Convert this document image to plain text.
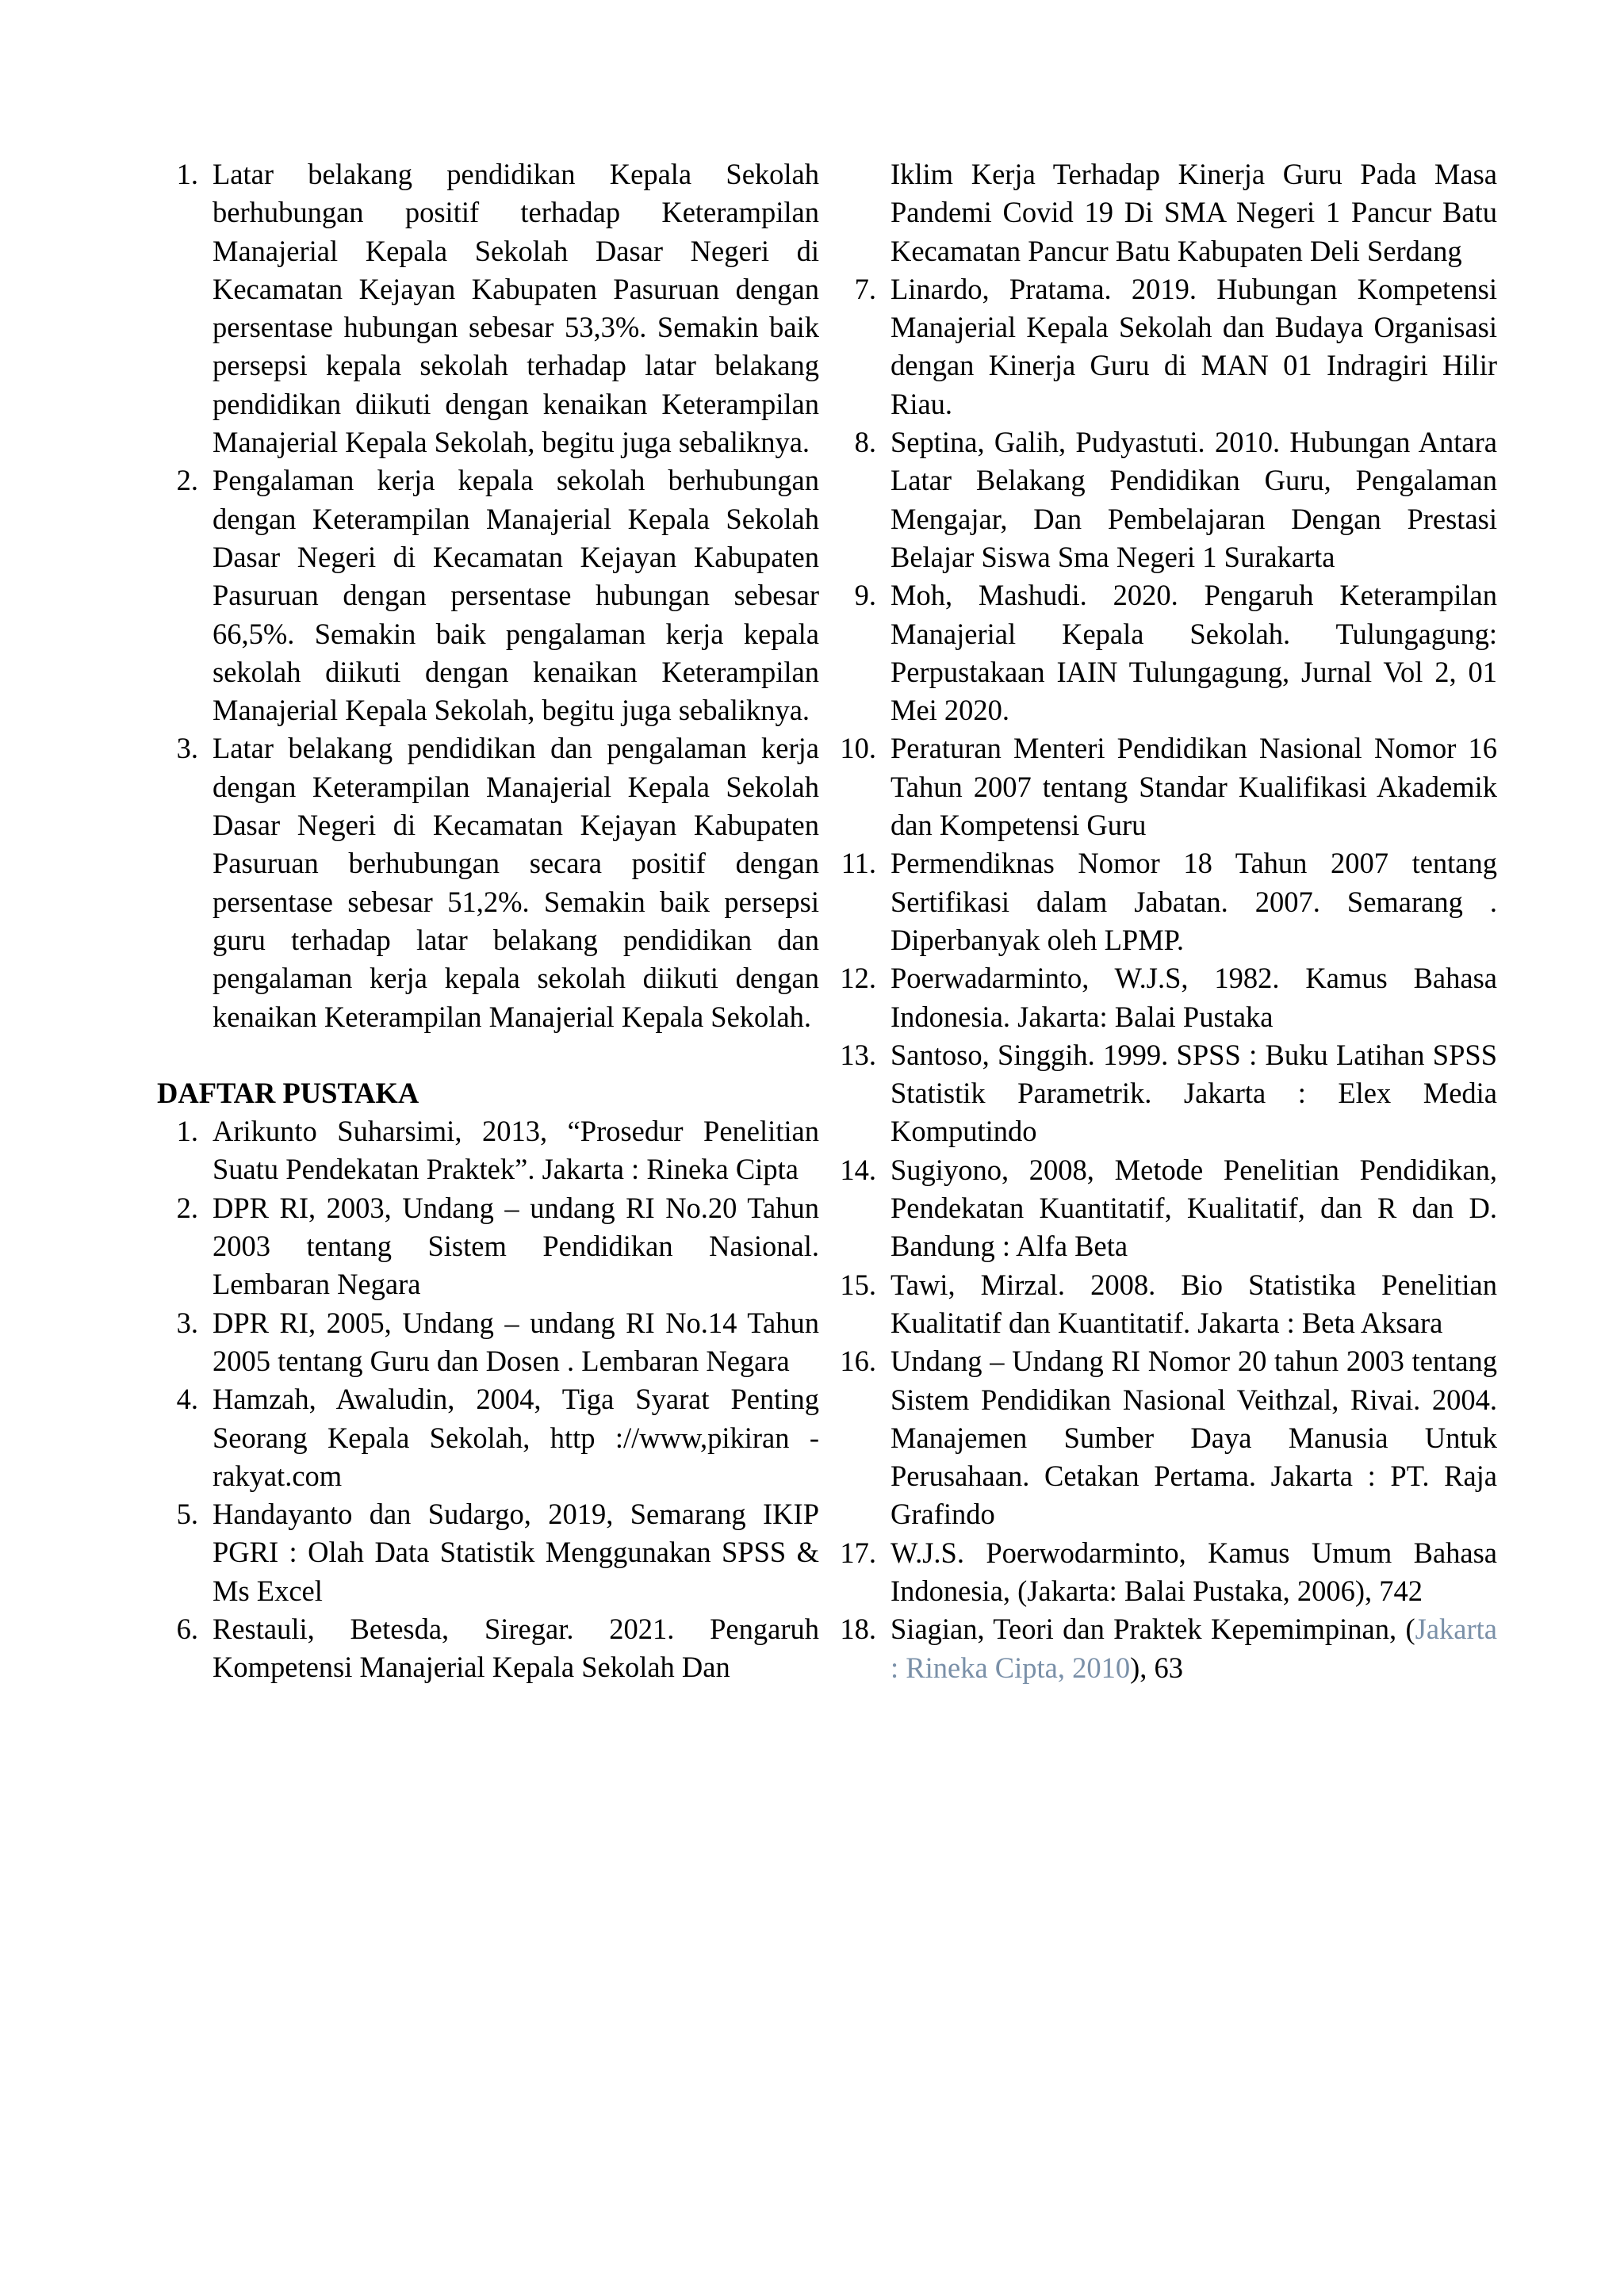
1. Latar belakang pendidikan Kepala Sekolah berhubungan positif terhadap Keterampilan Manajerial Kepala Sekolah Dasar Negeri di Kecamatan Kejayan Kabupaten Pasuruan dengan persentase hubungan sebesar 53,3%. Semakin baik persepsi kepala sekolah terhadap latar belakang pendidikan diikuti dengan kenaikan Keterampilan Manajerial Kepala Sekolah, begitu juga sebaliknya.
2. Pengalaman kerja kepala sekolah berhubungan dengan Keterampilan Manajerial Kepala Sekolah Dasar Negeri di Kecamatan Kejayan Kabupaten Pasuruan dengan persentase hubungan sebesar 66,5%. Semakin baik pengalaman kerja kepala sekolah diikuti dengan kenaikan Keterampilan Manajerial Kepala Sekolah, begitu juga sebaliknya.
3. Latar belakang pendidikan dan pengalaman kerja dengan Keterampilan Manajerial Kepala Sekolah Dasar Negeri di Kecamatan Kejayan Kabupaten Pasuruan berhubungan secara positif dengan persentase sebesar 51,2%. Semakin baik persepsi guru terhadap latar belakang pendidikan dan pengalaman kerja kepala sekolah diikuti dengan kenaikan Keterampilan Manajerial Kepala Sekolah.
DAFTAR PUSTAKA
1. Arikunto Suharsimi, 2013, “Prosedur Penelitian Suatu Pendekatan Praktek”. Jakarta : Rineka Cipta
2. DPR RI, 2003, Undang – undang RI No.20 Tahun 2003 tentang Sistem Pendidikan Nasional. Lembaran Negara
3. DPR RI, 2005, Undang – undang RI No.14 Tahun 2005 tentang Guru dan Dosen . Lembaran Negara
4. Hamzah, Awaludin, 2004, Tiga Syarat Penting Seorang Kepala Sekolah, http ://www,pikiran - rakyat.com
5. Handayanto dan Sudargo, 2019, Semarang IKIP PGRI : Olah Data Statistik Menggunakan SPSS & Ms Excel
6. Restauli, Betesda, Siregar. 2021. Pengaruh Kompetensi Manajerial Kepala Sekolah Dan
Iklim Kerja Terhadap Kinerja Guru Pada Masa Pandemi Covid 19 Di SMA Negeri 1 Pancur Batu Kecamatan Pancur Batu Kabupaten Deli Serdang
7. Linardo, Pratama. 2019. Hubungan Kompetensi Manajerial Kepala Sekolah dan Budaya Organisasi dengan Kinerja Guru di MAN 01 Indragiri Hilir Riau.
8. Septina, Galih, Pudyastuti. 2010. Hubungan Antara Latar Belakang Pendidikan Guru, Pengalaman Mengajar, Dan Pembelajaran Dengan Prestasi Belajar Siswa Sma Negeri 1 Surakarta
9. Moh, Mashudi. 2020. Pengaruh Keterampilan Manajerial Kepala Sekolah. Tulungagung: Perpustakaan IAIN Tulungagung, Jurnal Vol 2, 01 Mei 2020.
10. Peraturan Menteri Pendidikan Nasional Nomor 16 Tahun 2007 tentang Standar Kualifikasi Akademik dan Kompetensi Guru
11. Permendiknas Nomor 18 Tahun 2007 tentang Sertifikasi dalam Jabatan. 2007. Semarang . Diperbanyak oleh LPMP.
12. Poerwadarminto, W.J.S, 1982. Kamus Bahasa Indonesia. Jakarta: Balai Pustaka
13. Santoso, Singgih. 1999. SPSS : Buku Latihan SPSS Statistik Parametrik. Jakarta : Elex Media Komputindo
14. Sugiyono, 2008, Metode Penelitian Pendidikan, Pendekatan Kuantitatif, Kualitatif, dan R dan D. Bandung : Alfa Beta
15. Tawi, Mirzal. 2008. Bio Statistika Penelitian Kualitatif dan Kuantitatif. Jakarta : Beta Aksara
16. Undang – Undang RI Nomor 20 tahun 2003 tentang Sistem Pendidikan Nasional Veithzal, Rivai. 2004. Manajemen Sumber Daya Manusia Untuk Perusahaan. Cetakan Pertama. Jakarta : PT. Raja Grafindo
17. W.J.S. Poerwodarminto, Kamus Umum Bahasa Indonesia, (Jakarta: Balai Pustaka, 2006), 742
18. Siagian, Teori dan Praktek Kepemimpinan, (Jakarta : Rineka Cipta, 2010), 63
